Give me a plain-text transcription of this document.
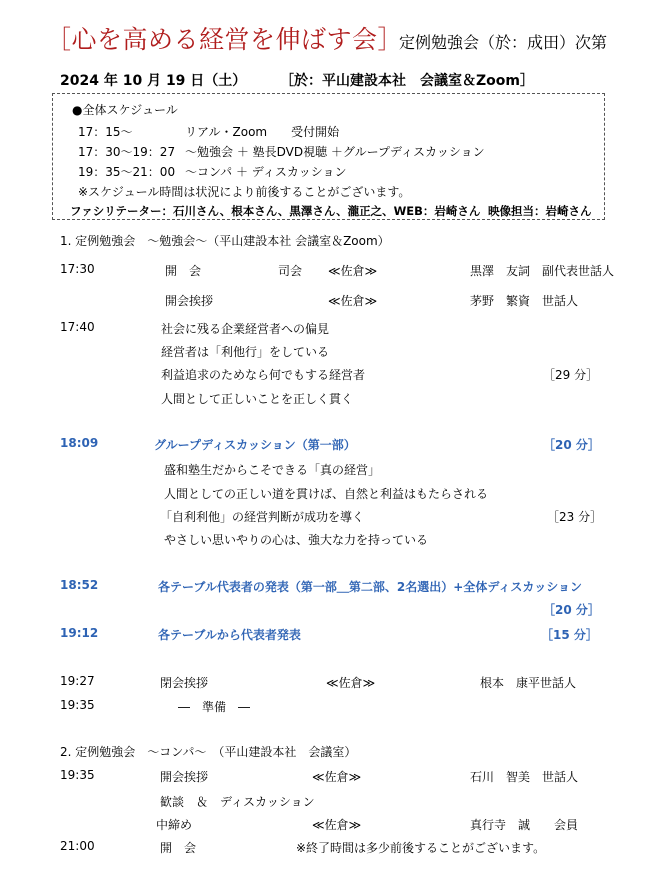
［心を高める経営を伸ばす会］
定例勉強会（於：成田）次第
2024 年 10 月 19 日（土） ［於：平山建設本社　会議室＆Zoom］
●全体スケジュール
17：15〜	リアル・Zoom　　受付開始
17：30〜19：27 〜勉強会 ＋ 塾長DVD視聴 ＋グループディスカッション
19：35〜21：00 〜コンパ ＋ ディスカッション
※スケジュール時間は状況により前後することがございます。
ファシリテーター：石川さん、根本さん、黒澤さん、瀧正之、WEB：岩崎さん 映像担当：岩崎さん
1. 定例勉強会　〜勉強会〜（平山建設本社 会議室＆Zoom）
17:30	開　会	司会 ≪佐倉≫	黒澤　友詞　副代表世話人
開会挨拶	≪佐倉≫	茅野　繁資　世話人
17:40	社会に残る企業経営者への偏見
経営者は「利他行」をしている
利益追求のためなら何でもする経営者	［29 分］
人間として正しいことを正しく貫く
18:09	グループディスカッション（第一部）	［20 分］
盛和塾生だからこそできる「真の経営」
人間としての正しい道を貫けば、自然と利益はもたらされる
「自利利他」の経営判断が成功を導く	［23 分］
やさしい思いやりの心は、強大な力を持っている
18:52	各テーブル代表者の発表（第一部＿第二部、2名選出）+全体ディスカッション
［20 分］
19:12	各テーブルから代表者発表	［15 分］
19:27	閉会挨拶	≪佐倉≫	根本　康平世話人
19:35	―　準備　―
2. 定例勉強会　〜コンパ〜　（平山建設本社　会議室）
19:35	開会挨拶	≪佐倉≫	石川　智美　世話人
歓談　＆　ディスカッション
中締め	≪佐倉≫	真行寺　誠　　会員
21:00	開　会	※終了時間は多少前後することがございます。
